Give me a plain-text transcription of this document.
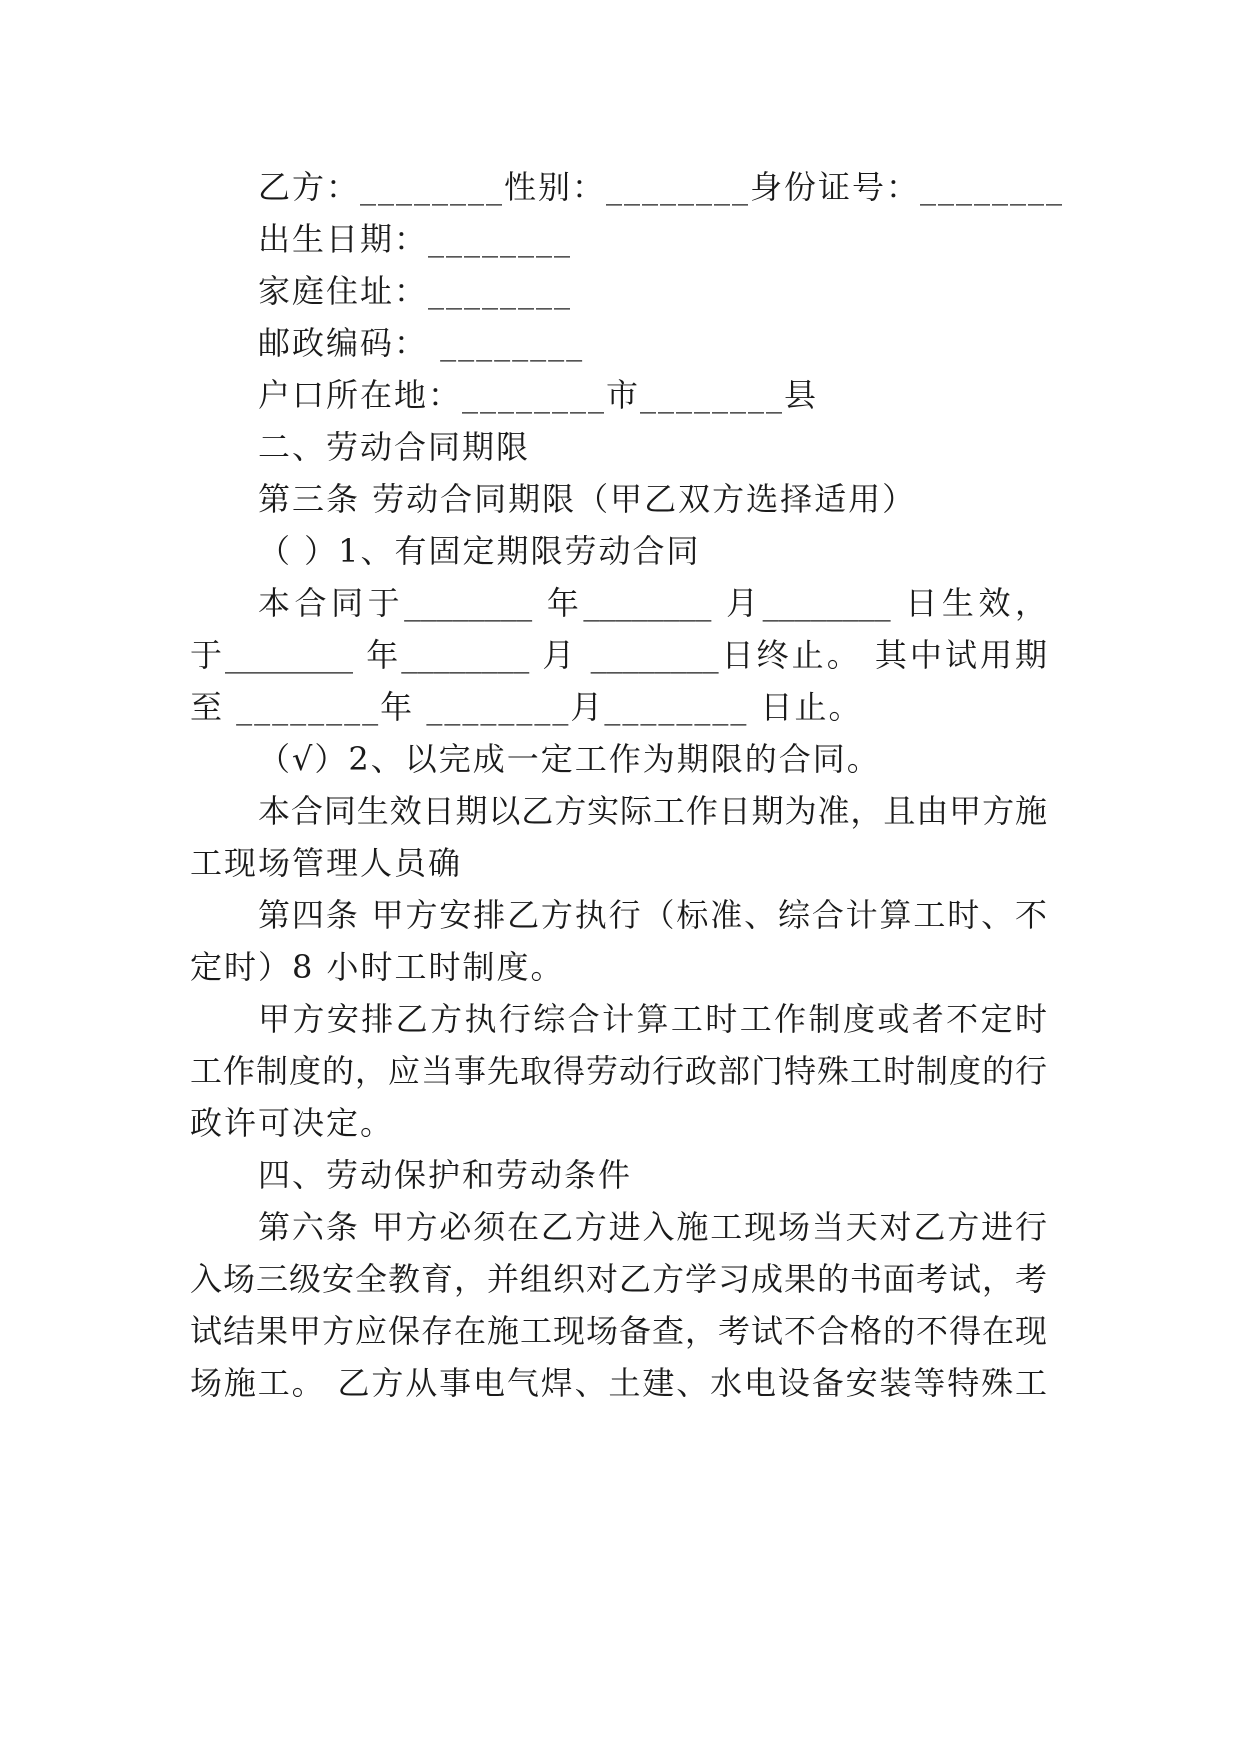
乙方：________性别：________身份证号：________
出生日期：________
家庭住址：________
邮政编码： ________
户口所在地：________市________县
二、劳动合同期限
第三条 劳动合同期限（甲乙双方选择适用）
（ ）1、有固定期限劳动合同
本合同于________ 年________ 月________ 日生效，
于________ 年________ 月 ________日终止。 其中试用期
至 ________年 ________月________ 日止。
（√）2、以完成一定工作为期限的合同。
本合同生效日期以乙方实际工作日期为准，且由甲方施
工现场管理人员确
第四条 甲方安排乙方执行（标准、综合计算工时、不
定时）8 小时工时制度。
甲方安排乙方执行综合计算工时工作制度或者不定时
工作制度的，应当事先取得劳动行政部门特殊工时制度的行
政许可决定。
四、劳动保护和劳动条件
第六条 甲方必须在乙方进入施工现场当天对乙方进行
入场三级安全教育，并组织对乙方学习成果的书面考试，考
试结果甲方应保存在施工现场备查，考试不合格的不得在现
场施工。 乙方从事电气焊、土建、水电设备安装等特殊工
